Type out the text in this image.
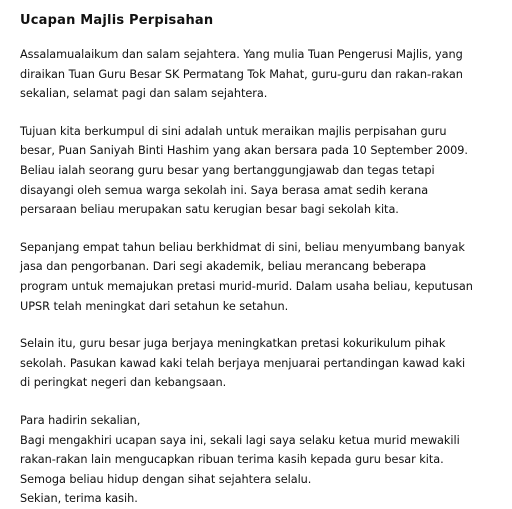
Ucapan Majlis Perpisahan
Assalamualaikum dan salam sejahtera. Yang mulia Tuan Pengerusi Majlis, yang
diraikan Tuan Guru Besar SK Permatang Tok Mahat, guru-guru dan rakan-rakan
sekalian, selamat pagi dan salam sejahtera.
Tujuan kita berkumpul di sini adalah untuk meraikan majlis perpisahan guru
besar, Puan Saniyah Binti Hashim yang akan bersara pada 10 September 2009.
Beliau ialah seorang guru besar yang bertanggungjawab dan tegas tetapi
disayangi oleh semua warga sekolah ini. Saya berasa amat sedih kerana
persaraan beliau merupakan satu kerugian besar bagi sekolah kita.
Sepanjang empat tahun beliau berkhidmat di sini, beliau menyumbang banyak
jasa dan pengorbanan. Dari segi akademik, beliau merancang beberapa
program untuk memajukan pretasi murid-murid. Dalam usaha beliau, keputusan
UPSR telah meningkat dari setahun ke setahun.
Selain itu, guru besar juga berjaya meningkatkan pretasi kokurikulum pihak
sekolah. Pasukan kawad kaki telah berjaya menjuarai pertandingan kawad kaki
di peringkat negeri dan kebangsaan.
Para hadirin sekalian,
Bagi mengakhiri ucapan saya ini, sekali lagi saya selaku ketua murid mewakili
rakan-rakan lain mengucapkan ribuan terima kasih kepada guru besar kita.
Semoga beliau hidup dengan sihat sejahtera selalu.
Sekian, terima kasih.
